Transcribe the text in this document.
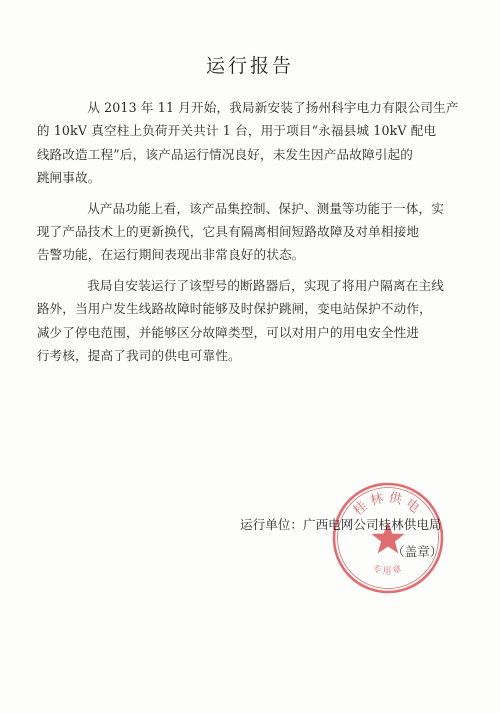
运行报告

从 2013 年 11 月开始，我局新安装了扬州科宇电力有限公司生产
的 10kV 真空柱上负荷开关共计 1 台，用于项目“永福县城 10kV 配电
线路改造工程”后，该产品运行情况良好，未发生因产品故障引起的
跳闸事故。

从产品功能上看，该产品集控制、保护、测量等功能于一体，实
现了产品技术上的更新换代，它具有隔离相间短路故障及对单相接地
告警功能，在运行期间表现出非常良好的状态。

我局自安装运行了该型号的断路器后，实现了将用户隔离在主线
路外，当用户发生线路故障时能够及时保护跳闸，变电站保护不动作，
减少了停电范围，并能够区分故障类型，可以对用户的用电安全性进
行考核，提高了我司的供电可靠性。

桂林供电
专用章
运行单位：广西电网公司桂林供电局
（盖章）
